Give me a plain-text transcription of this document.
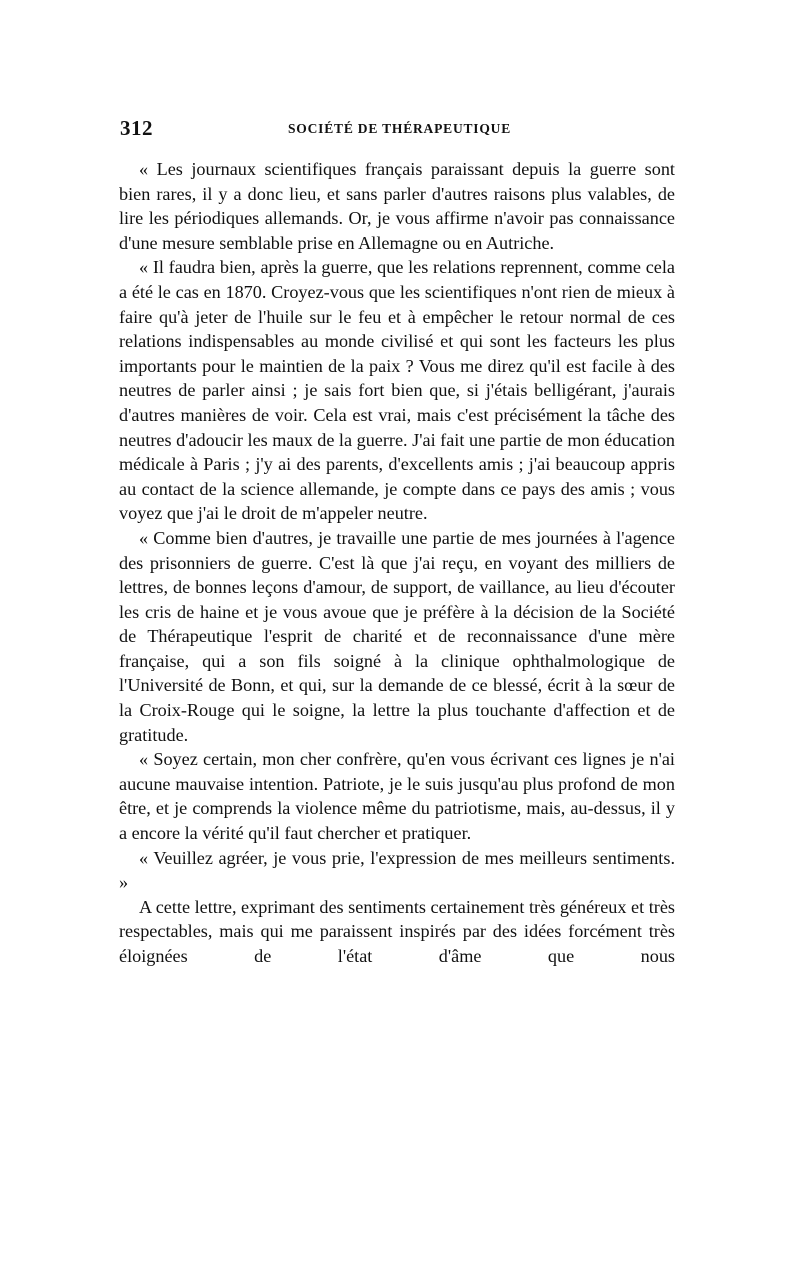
312	SOCIÉTÉ DE THÉRAPEUTIQUE

« Les journaux scientifiques français paraissant depuis la guerre sont bien rares, il y a donc lieu, et sans parler d'autres raisons plus valables, de lire les périodiques allemands. Or, je vous affirme n'avoir pas connaissance d'une mesure semblable prise en Allemagne ou en Autriche.

« Il faudra bien, après la guerre, que les relations reprennent, comme cela a été le cas en 1870. Croyez-vous que les scientifiques n'ont rien de mieux à faire qu'à jeter de l'huile sur le feu et à empêcher le retour normal de ces relations indispensables au monde civilisé et qui sont les facteurs les plus importants pour le maintien de la paix ? Vous me direz qu'il est facile à des neutres de parler ainsi ; je sais fort bien que, si j'étais belligérant, j'aurais d'autres manières de voir. Cela est vrai, mais c'est précisément la tâche des neutres d'adoucir les maux de la guerre. J'ai fait une partie de mon éducation médicale à Paris ; j'y ai des parents, d'excellents amis ; j'ai beaucoup appris au contact de la science allemande, je compte dans ce pays des amis ; vous voyez que j'ai le droit de m'appeler neutre.

« Comme bien d'autres, je travaille une partie de mes journées à l'agence des prisonniers de guerre. C'est là que j'ai reçu, en voyant des milliers de lettres, de bonnes leçons d'amour, de support, de vaillance, au lieu d'écouter les cris de haine et je vous avoue que je préfère à la décision de la Société de Thérapeutique l'esprit de charité et de reconnaissance d'une mère française, qui a son fils soigné à la clinique ophthalmologique de l'Université de Bonn, et qui, sur la demande de ce blessé, écrit à la sœur de la Croix-Rouge qui le soigne, la lettre la plus touchante d'affection et de gratitude.

« Soyez certain, mon cher confrère, qu'en vous écrivant ces lignes je n'ai aucune mauvaise intention. Patriote, je le suis jusqu'au plus profond de mon être, et je comprends la violence même du patriotisme, mais, au-dessus, il y a encore la vérité qu'il faut chercher et pratiquer.

« Veuillez agréer, je vous prie, l'expression de mes meilleurs sentiments. »

A cette lettre, exprimant des sentiments certainement très généreux et très respectables, mais qui me paraissent inspirés par des idées forcément très éloignées de l'état d'âme que nous
